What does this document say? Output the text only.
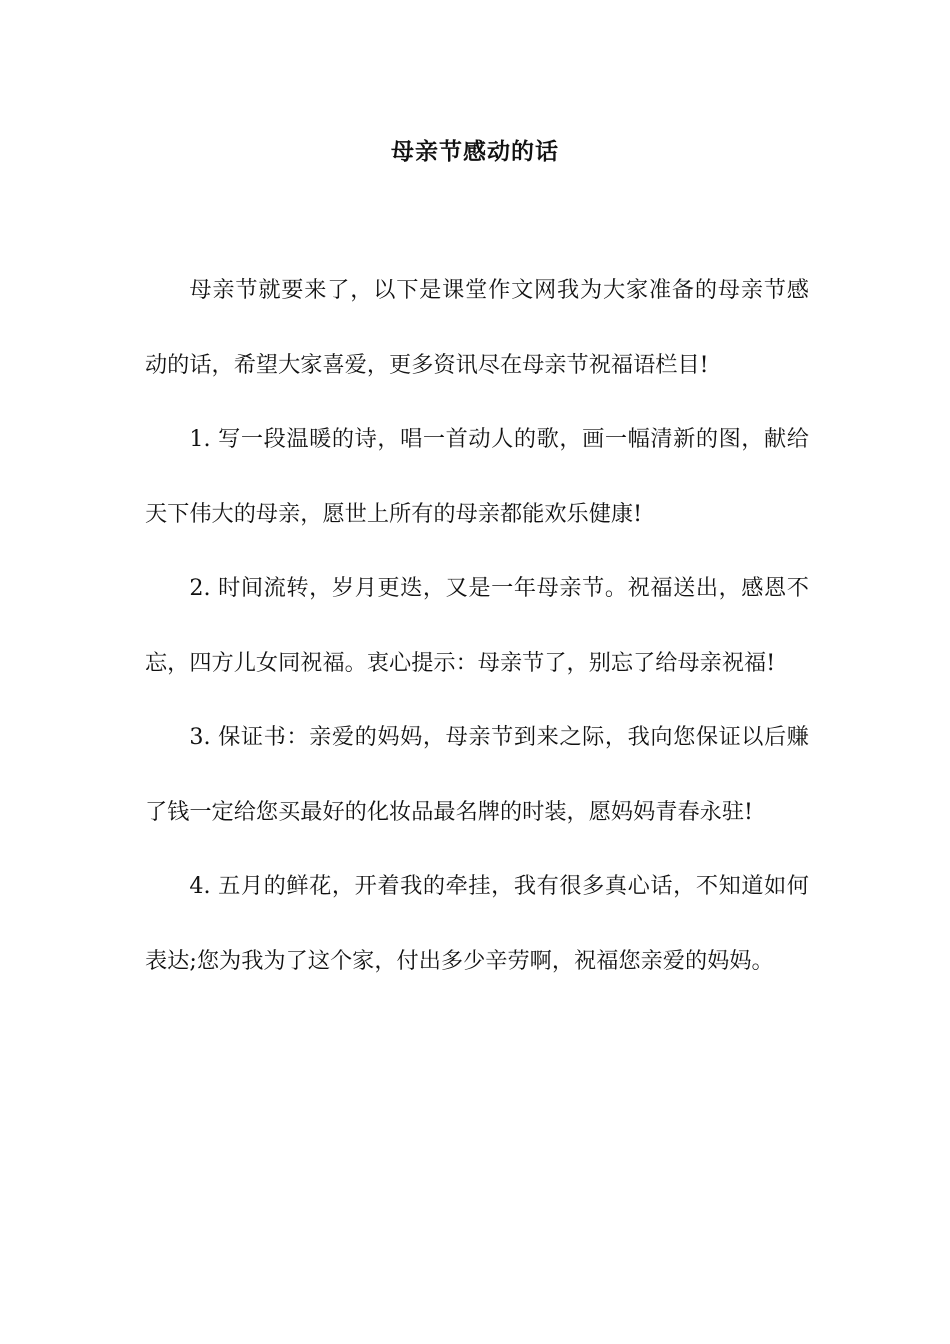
母亲节感动的话

母亲节就要来了，以下是课堂作文网我为大家准备的母亲节感动的话，希望大家喜爱，更多资讯尽在母亲节祝福语栏目!

1. 写一段温暖的诗，唱一首动人的歌，画一幅清新的图，献给天下伟大的母亲，愿世上所有的母亲都能欢乐健康!

2. 时间流转，岁月更迭，又是一年母亲节。祝福送出，感恩不忘，四方儿女同祝福。衷心提示：母亲节了，别忘了给母亲祝福!

3. 保证书：亲爱的妈妈，母亲节到来之际，我向您保证以后赚了钱一定给您买最好的化妆品最名牌的时装，愿妈妈青春永驻!

4. 五月的鲜花，开着我的牵挂，我有很多真心话，不知道如何表达;您为我为了这个家，付出多少辛劳啊，祝福您亲爱的妈妈。
